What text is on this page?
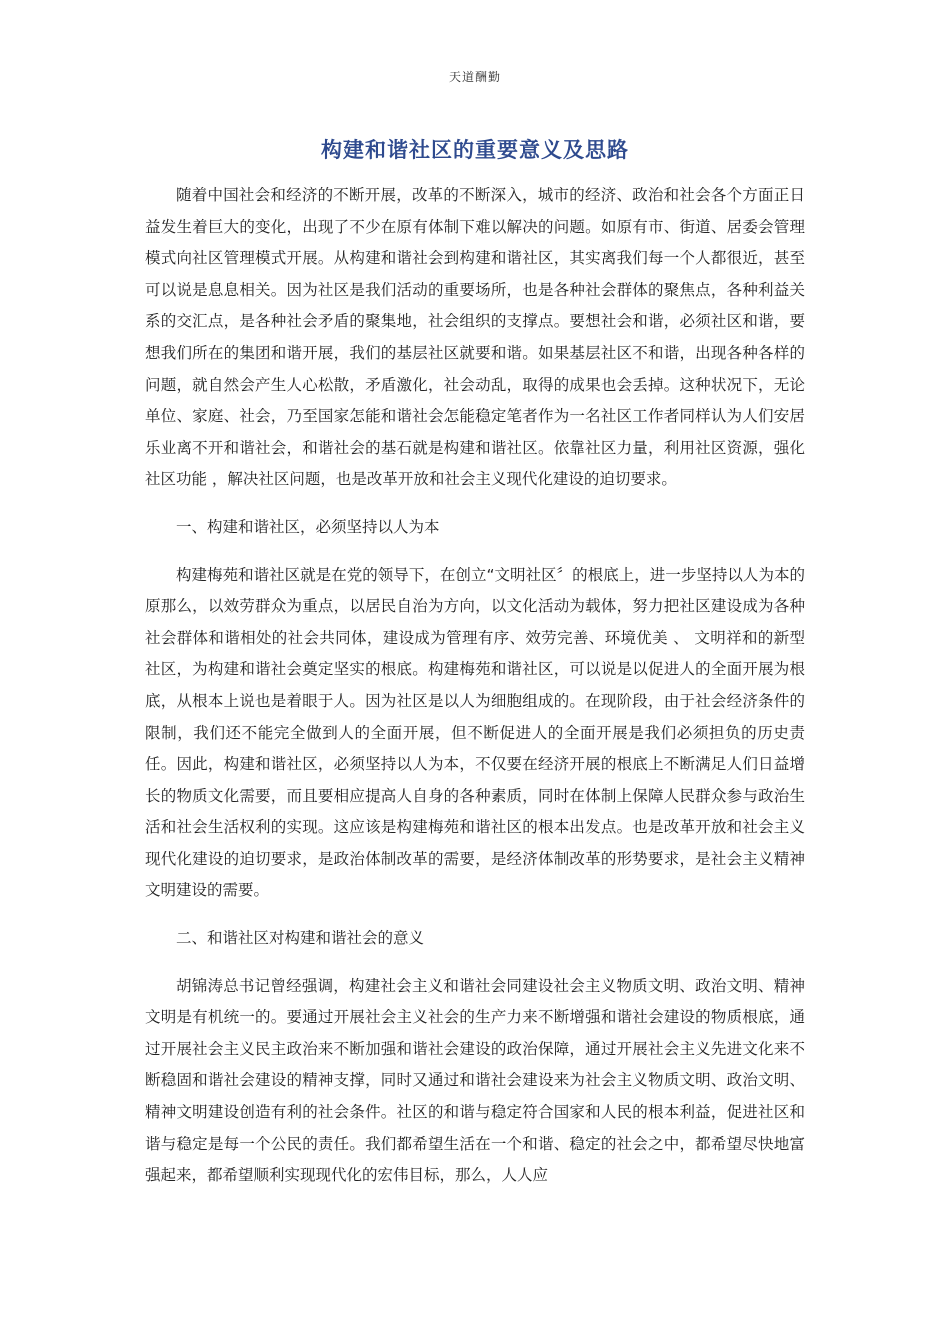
天道酬勤
构建和谐社区的重要意义及思路

随着中国社会和经济的不断开展，改革的不断深入，城市的经济、政治和社会各个方面正日益发生着巨大的变化，出现了不少在原有体制下难以解决的问题。如原有市、街道、居委会管理模式向社区管理模式开展。从构建和谐社会到构建和谐社区，其实离我们每一个人都很近，甚至可以说是息息相关。因为社区是我们活动的重要场所，也是各种社会群体的聚焦点，各种利益关系的交汇点，是各种社会矛盾的聚集地，社会组织的支撑点。要想社会和谐，必须社区和谐，要想我们所在的集团和谐开展，我们的基层社区就要和谐。如果基层社区不和谐，出现各种各样的问题，就自然会产生人心松散，矛盾激化，社会动乱，取得的成果也会丢掉。这种状况下，无论单位、家庭、社会，乃至国家怎能和谐社会怎能稳定笔者作为一名社区工作者同样认为人们安居乐业离不开和谐社会，和谐社会的基石就是构建和谐社区。依靠社区力量，利用社区资源，强化社区功能 ，解决社区问题，也是改革开放和社会主义现代化建设的迫切要求。

一、构建和谐社区，必须坚持以人为本

构建梅苑和谐社区就是在党的领导下，在创立“文明社区〞的根底上，进一步坚持以人为本的原那么，以效劳群众为重点，以居民自治为方向，以文化活动为载体，努力把社区建设成为各种社会群体和谐相处的社会共同体，建设成为管理有序、效劳完善、环境优美 、 文明祥和的新型社区，为构建和谐社会奠定坚实的根底。构建梅苑和谐社区，可以说是以促进人的全面开展为根底，从根本上说也是着眼于人。因为社区是以人为细胞组成的。在现阶段，由于社会经济条件的限制，我们还不能完全做到人的全面开展，但不断促进人的全面开展是我们必须担负的历史责任。因此，构建和谐社区，必须坚持以人为本，不仅要在经济开展的根底上不断满足人们日益增长的物质文化需要，而且要相应提高人自身的各种素质，同时在体制上保障人民群众参与政治生活和社会生活权利的实现。这应该是构建梅苑和谐社区的根本出发点。也是改革开放和社会主义现代化建设的迫切要求，是政治体制改革的需要，是经济体制改革的形势要求，是社会主义精神文明建设的需要。

二、和谐社区对构建和谐社会的意义

胡锦涛总书记曾经强调，构建社会主义和谐社会同建设社会主义物质文明、政治文明、精神文明是有机统一的。要通过开展社会主义社会的生产力来不断增强和谐社会建设的物质根底，通过开展社会主义民主政治来不断加强和谐社会建设的政治保障，通过开展社会主义先进文化来不断稳固和谐社会建设的精神支撑，同时又通过和谐社会建设来为社会主义物质文明、政治文明、精神文明建设创造有利的社会条件。社区的和谐与稳定符合国家和人民的根本利益，促进社区和谐与稳定是每一个公民的责任。我们都希望生活在一个和谐、稳定的社会之中，都希望尽快地富强起来，都希望顺利实现现代化的宏伟目标，那么，人人应
